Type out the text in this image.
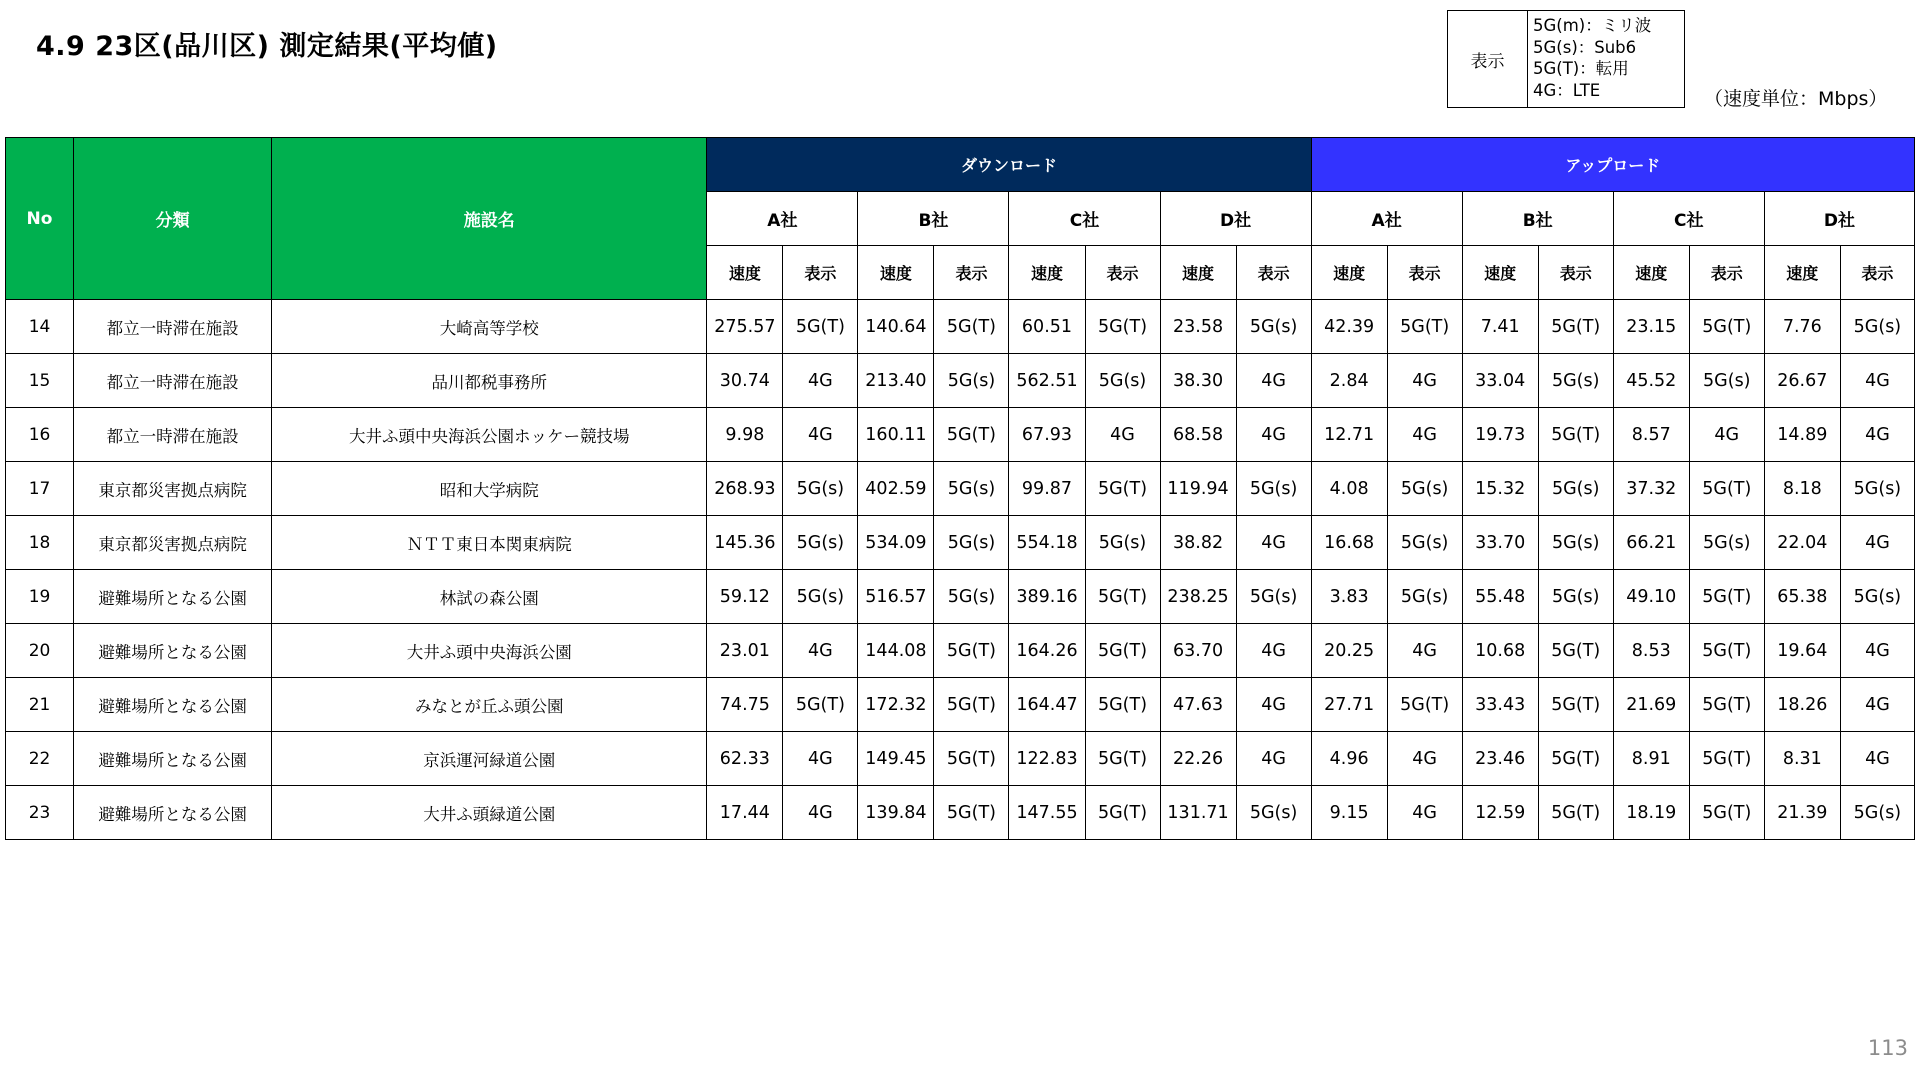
4.9 23区(品川区) 測定結果(平均値)	表示
5G(m)：ミリ波
5G(s)：Sub6
5G(T)：転用
4G：LTE	（速度単位：Mbps）
No	分類	施設名	ダウンロード								アップロード							
			A社		B社		C社		D社		A社		B社		C社		D社	
			速度	表示	速度	表示	速度	表示	速度	表示	速度	表示	速度	表示	速度	表示	速度	表示
14	都立一時滞在施設	大崎高等学校	275.57	5G(T)	140.64	5G(T)	60.51	5G(T)	23.58	5G(s)	42.39	5G(T)	7.41	5G(T)	23.15	5G(T)	7.76	5G(s)
15	都立一時滞在施設	品川都税事務所	30.74	4G	213.40	5G(s)	562.51	5G(s)	38.30	4G	2.84	4G	33.04	5G(s)	45.52	5G(s)	26.67	4G
16	都立一時滞在施設	大井ふ頭中央海浜公園ホッケー競技場	9.98	4G	160.11	5G(T)	67.93	4G	68.58	4G	12.71	4G	19.73	5G(T)	8.57	4G	14.89	4G
17	東京都災害拠点病院	昭和大学病院	268.93	5G(s)	402.59	5G(s)	99.87	5G(T)	119.94	5G(s)	4.08	5G(s)	15.32	5G(s)	37.32	5G(T)	8.18	5G(s)
18	東京都災害拠点病院	ＮＴＴ東日本関東病院	145.36	5G(s)	534.09	5G(s)	554.18	5G(s)	38.82	4G	16.68	5G(s)	33.70	5G(s)	66.21	5G(s)	22.04	4G
19	避難場所となる公園	林試の森公園	59.12	5G(s)	516.57	5G(s)	389.16	5G(T)	238.25	5G(s)	3.83	5G(s)	55.48	5G(s)	49.10	5G(T)	65.38	5G(s)
20	避難場所となる公園	大井ふ頭中央海浜公園	23.01	4G	144.08	5G(T)	164.26	5G(T)	63.70	4G	20.25	4G	10.68	5G(T)	8.53	5G(T)	19.64	4G
21	避難場所となる公園	みなとが丘ふ頭公園	74.75	5G(T)	172.32	5G(T)	164.47	5G(T)	47.63	4G	27.71	5G(T)	33.43	5G(T)	21.69	5G(T)	18.26	4G
22	避難場所となる公園	京浜運河緑道公園	62.33	4G	149.45	5G(T)	122.83	5G(T)	22.26	4G	4.96	4G	23.46	5G(T)	8.91	5G(T)	8.31	4G
23	避難場所となる公園	大井ふ頭緑道公園	17.44	4G	139.84	5G(T)	147.55	5G(T)	131.71	5G(s)	9.15	4G	12.59	5G(T)	18.19	5G(T)	21.39	5G(s)
113
